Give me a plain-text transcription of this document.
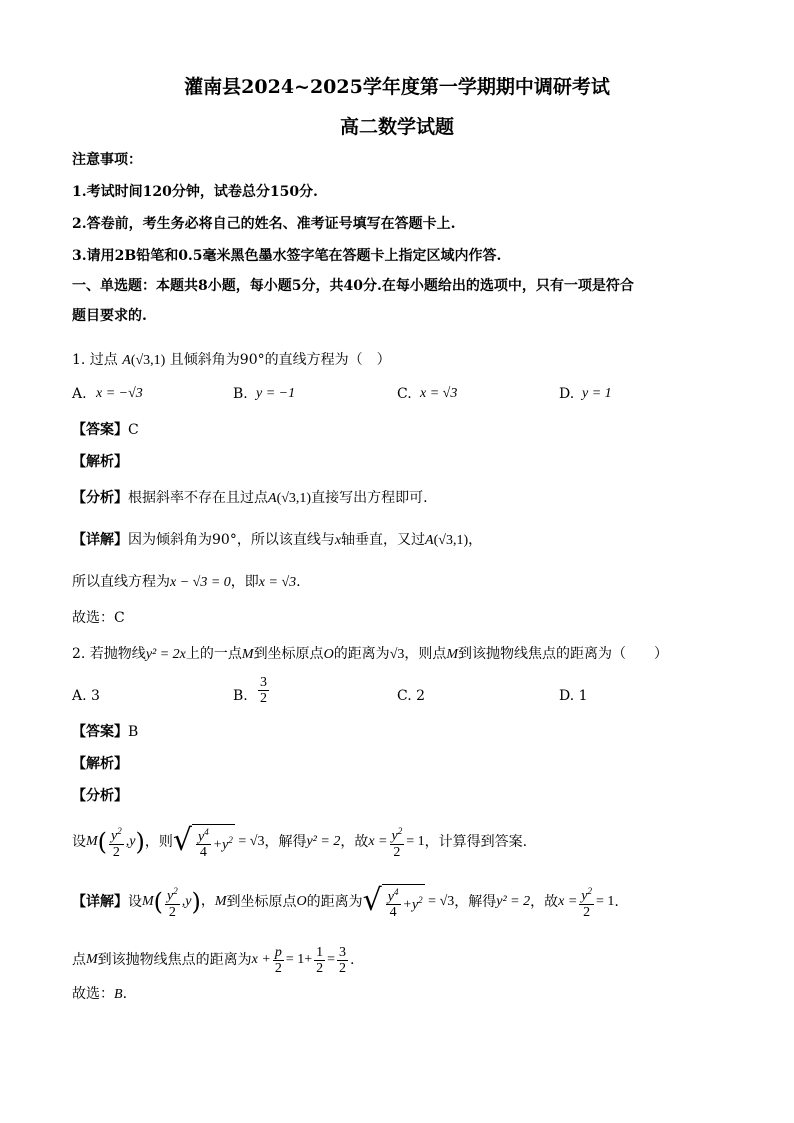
灌南县2024~2025学年度第一学期期中调研考试
高二数学试题
注意事项：
1.考试时间120分钟，试卷总分150分.
2.答卷前，考生务必将自己的姓名、准考证号填写在答题卡上.
3.请用2B铅笔和0.5毫米黑色墨水签字笔在答题卡上指定区域内作答.
一、单选题：本题共8小题，每小题5分，共40分.在每小题给出的选项中，只有一项是符合
题目要求的.
1. 过点 A(√3,1) 且倾斜角为90°的直线方程为（　）
A. x = −√3	B. y = −1	C. x = √3	D. y = 1
【答案】C
【解析】
【分析】根据斜率不存在且过点A(√3,1)直接写出方程即可.
【详解】因为倾斜角为90°，所以该直线与x轴垂直，又过A(√3,1)，
所以直线方程为x − √3 = 0，即x = √3.
故选：C
2. 若抛物线y² = 2x上的一点M到坐标原点O的距离为√3，则点M到该抛物线焦点的距离为（　　）
A. 3	B. $\frac{3}{2}$	C. 2	D. 1
【答案】B
【解析】
【分析】
设 M ( $\frac{y^2}{2} ,y$ ) ，则 √ $\frac{y^4}{4} +y^2 = √3$ ，解得 y² = 2 ，故 $x = \frac{y^2}{2} = 1$ ，计算得到答案.
【详解】 设 M ( $\frac{y^2}{2} ,y$ ) ， M 到坐标原点 O 的距离为 √ $\frac{y^4}{4} +y^2 = √3$ ，解得 y² = 2 ，故 $x = \frac{y^2}{2} = 1$ .
点 M 到该抛物线焦点的距离为 $x + \frac{p}{2} = 1+ \frac{1}{2} = \frac{3}{2}$ .
故选：B.
